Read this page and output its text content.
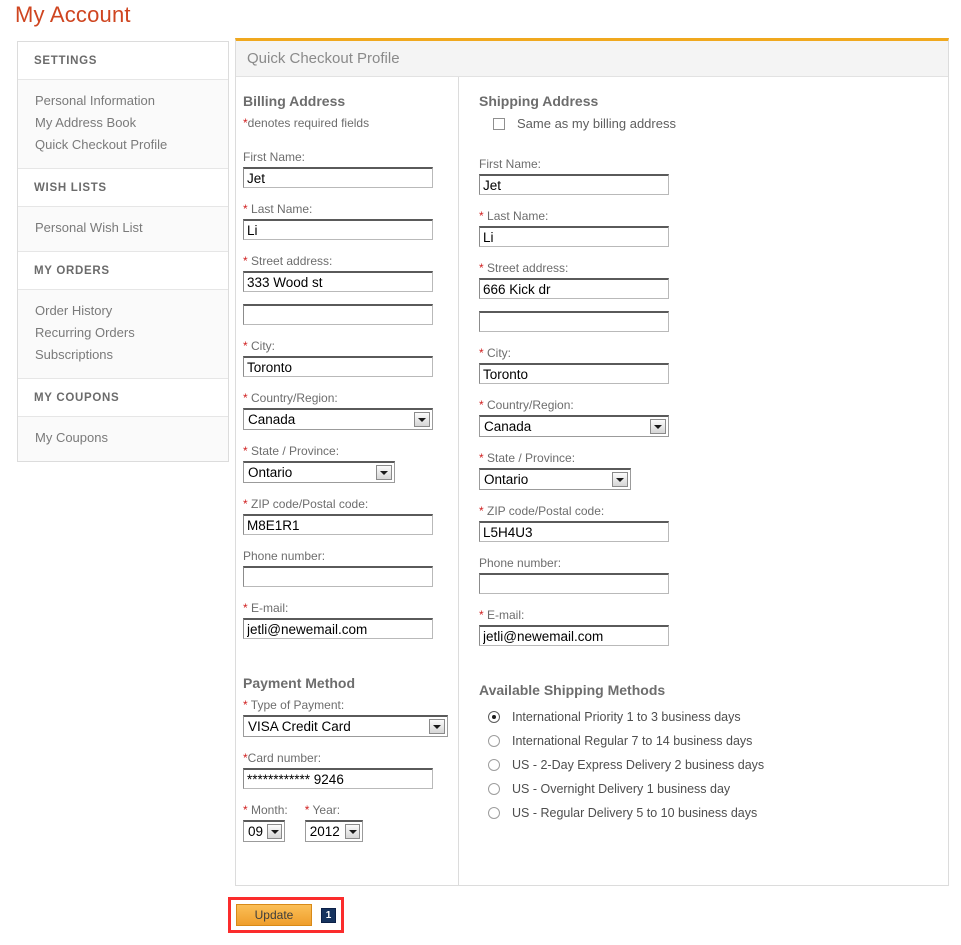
My Account
SETTINGS
Personal Information
My Address Book
Quick Checkout Profile
WISH LISTS
Personal Wish List
MY ORDERS
Order History
Recurring Orders
Subscriptions
MY COUPONS
My Coupons
Quick Checkout Profile
Billing Address
*denotes required fields
First Name:
Jet
* Last Name:
Li
* Street address:
333 Wood st
* City:
Toronto
* Country/Region:
Canada
* State / Province:
Ontario
* ZIP code/Postal code:
M8E1R1
Phone number:
* E-mail:
jetli@newemail.com
Payment Method
* Type of Payment:
VISA Credit Card
*Card number:
************ 9246
* Month:
09
* Year:
2012
Shipping Address
Same as my billing address
First Name:
Jet
* Last Name:
Li
* Street address:
666 Kick dr
* City:
Toronto
* Country/Region:
Canada
* State / Province:
Ontario
* ZIP code/Postal code:
L5H4U3
Phone number:
* E-mail:
jetli@newemail.com
Available Shipping Methods
International Priority 1 to 3 business days
International Regular 7 to 14 business days
US - 2-Day Express Delivery 2 business days
US - Overnight Delivery 1 business day
US - Regular Delivery 5 to 10 business days
Update	1
